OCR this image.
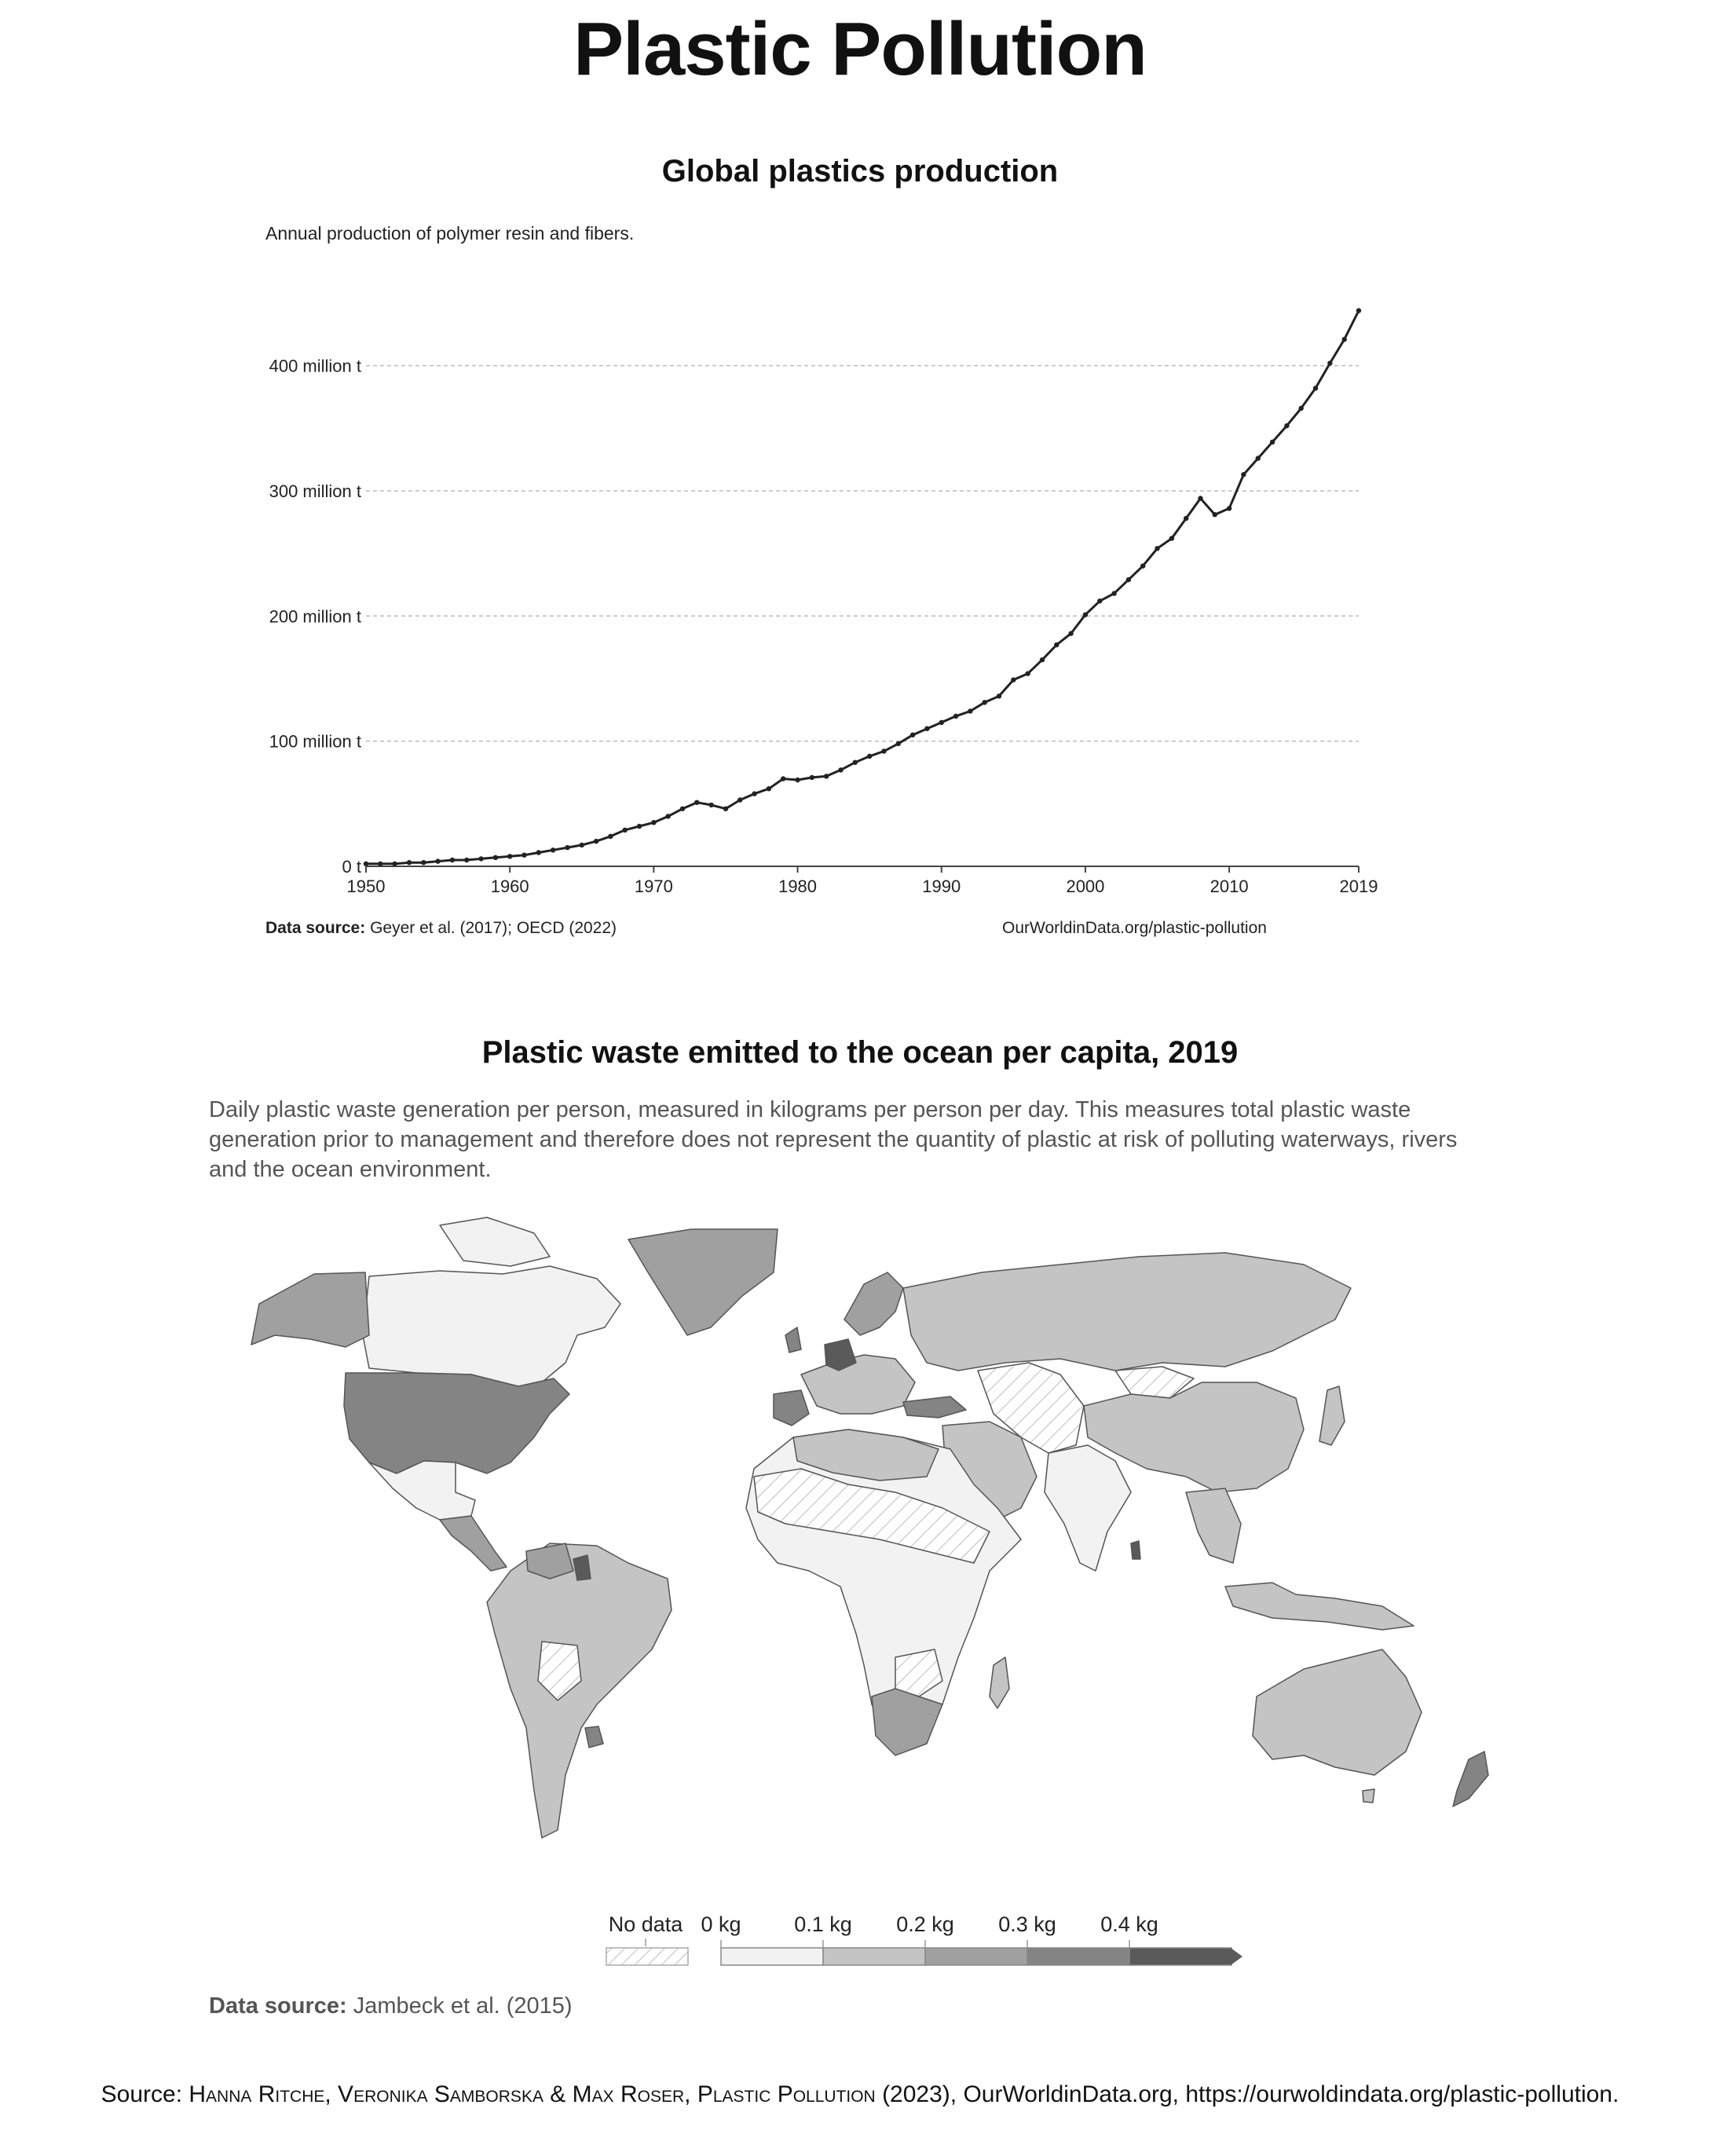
Plastic Pollution
Global plastics production
Annual production of polymer resin and fibers.
0 t
100 million t
200 million t
300 million t
400 million t
1950	1960	1970	1980	1990	2000	2010	2019
Data source: Geyer et al. (2017); OECD (2022)	OurWorldinData.org/plastic-pollution
Plastic waste emitted to the ocean per capita, 2019
Daily plastic waste generation per person, measured in kilograms per person per day. This measures total plastic waste generation prior to management and therefore does not represent the quantity of plastic at risk of polluting waterways, rivers and the ocean environment.
No data 0 kg	0.1 kg 0.2 kg 0.3 kg 0.4 kg
Data source: Jambeck et al. (2015)
Source: Hanna Ritche, Veronika Samborska & Max Roser, Plastic Pollution (2023), OurWorldinData.org, https://ourwoldindata.org/plastic-pollution.
